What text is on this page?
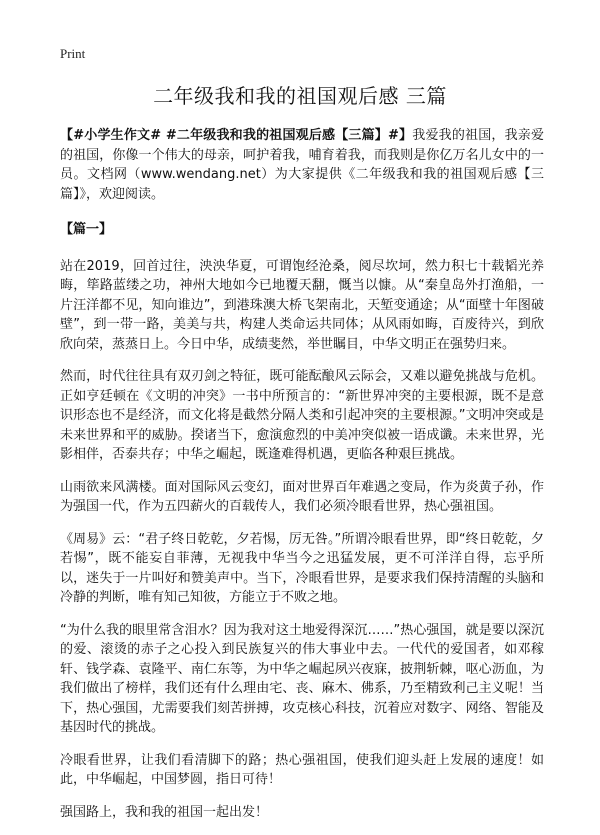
Print
二年级我和我的祖国观后感 三篇

【#小学生作文# #二年级我和我的祖国观后感【三篇】#】我爱我的祖国，我亲爱的祖国，你像一个伟大的母亲，呵护着我，哺育着我，而我则是你亿万名儿女中的一员。文档网（www.wendang.net）为大家提供《二年级我和我的祖国观后感【三篇】》，欢迎阅读。

【篇一】

站在2019，回首过往，泱泱华夏，可谓饱经沧桑，阅尽坎坷，然力积七十载韬光养晦，筚路蓝缕之功，神州大地如今已地覆天翻，慨当以慷。从“秦皇岛外打渔船，一片汪洋都不见，知向谁边”，到港珠澳大桥飞架南北，天堑变通途；从“面壁十年图破壁”，到一带一路，美美与共，构建人类命运共同体；从风雨如晦，百废待兴，到欣欣向荣，蒸蒸日上。今日中华，成绩斐然，举世瞩目，中华文明正在强势归来。

然而，时代往往具有双刃剑之特征，既可能酝酿风云际会，又难以避免挑战与危机。正如亨廷顿在《文明的冲突》一书中所预言的：“新世界冲突的主要根源，既不是意识形态也不是经济，而文化将是截然分隔人类和引起冲突的主要根源。”文明冲突或是未来世界和平的威胁。揆诸当下，愈演愈烈的中美冲突似被一语成谶。未来世界，光影相伴，否泰共存；中华之崛起，既逢难得机遇，更临各种艰巨挑战。

山雨欲来风满楼。面对国际风云变幻，面对世界百年难遇之变局，作为炎黄子孙，作为强国一代，作为五四薪火的百载传人，我们必须冷眼看世界，热心强祖国。

《周易》云：“君子终日乾乾，夕若惕，厉无咎。”所谓冷眼看世界，即“终日乾乾，夕若惕”，既不能妄自菲薄，无视我中华当今之迅猛发展，更不可洋洋自得，忘乎所以，迷失于一片叫好和赞美声中。当下，冷眼看世界，是要求我们保持清醒的头脑和冷静的判断，唯有知己知彼，方能立于不败之地。

“为什么我的眼里常含泪水？因为我对这土地爱得深沉……”热心强国，就是要以深沉的爱、滚烫的赤子之心投入到民族复兴的伟大事业中去。一代代的爱国者，如邓稼轩、钱学森、袁隆平、南仁东等，为中华之崛起夙兴夜寐，披荆斩棘，呕心沥血，为我们做出了榜样，我们还有什么理由宅、丧、麻木、佛系，乃至精致利己主义呢！当下，热心强国，尤需要我们刻苦拼搏，攻克核心科技，沉着应对数字、网络、智能及基因时代的挑战。

冷眼看世界，让我们看清脚下的路；热心强祖国，使我们迎头赶上发展的速度！如此，中华崛起，中国梦圆，指日可待！

强国路上，我和我的祖国一起出发！
